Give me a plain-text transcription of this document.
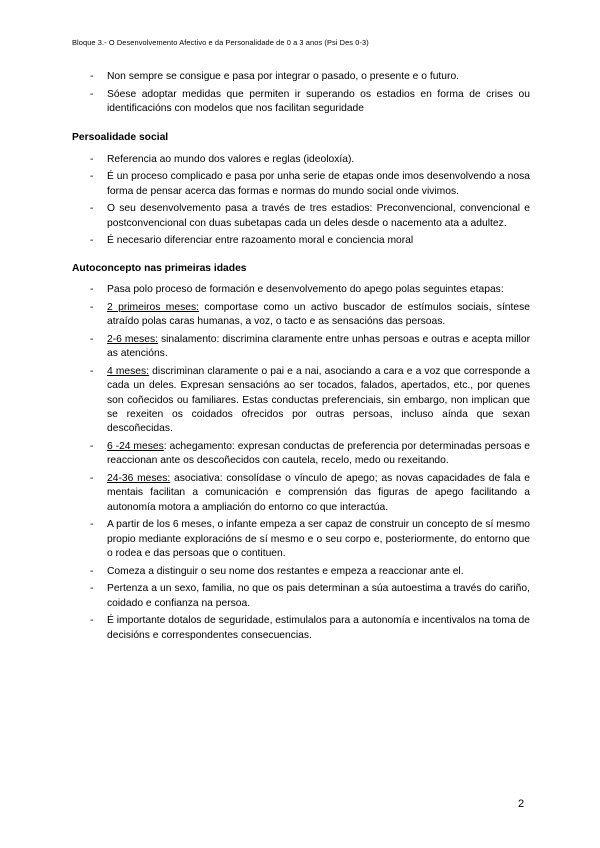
Bloque 3.- O Desenvolvemento Afectivo e da Personalidade de 0 a 3 anos (Psi Des 0-3)
- Non sempre se consigue e pasa por integrar o pasado, o presente e o futuro.
- Sóese adoptar medidas que permiten ir superando os estadios en forma de crises ou identificacións con modelos que nos facilitan seguridade
Persoalidade social
- Referencia ao mundo dos valores e reglas (ideoloxía).
- É un proceso complicado e pasa por unha serie de etapas onde imos desenvolvendo a nosa forma de pensar acerca das formas e normas do mundo social onde vivimos.
- O seu desenvolvemento pasa a través de tres estadios: Preconvencional, convencional e postconvencional con duas subetapas cada un deles desde o nacemento ata a adultez.
- É necesario diferenciar entre razoamento moral e conciencia moral
Autoconcepto nas primeiras idades
- Pasa polo proceso de formación e desenvolvemento do apego polas seguintes etapas:
- 2 primeiros meses: comportase como un activo buscador de estímulos sociais, síntese atraído polas caras humanas, a voz, o tacto e as sensacións das persoas.
- 2-6 meses: sinalamento: discrimina claramente entre unhas persoas e outras e acepta millor as atencións.
- 4 meses: discriminan claramente o pai e a nai, asociando a cara e a voz que corresponde a cada un deles. Expresan sensacións ao ser tocados, falados, apertados, etc., por quenes son coñecidos ou familiares. Estas conductas preferenciais, sin embargo, non implican que se rexeiten os coidados ofrecidos por outras persoas, incluso aínda que sexan descoñecidas.
- 6 -24 meses: achegamento: expresan conductas de preferencia por determinadas persoas e reaccionan ante os descoñecidos con cautela, recelo, medo ou rexeitando.
- 24-36 meses: asociativa: consolídase o vínculo de apego; as novas capacidades de fala e mentais facilitan a comunicación e comprensión das figuras de apego facilitando a autonomía motora a ampliación do entorno co que interactúa.
- A partir de los 6 meses, o infante empeza a ser capaz de construir un concepto de sí mesmo propio mediante exploracións de sí mesmo e o seu corpo e, posteriormente, do entorno que o rodea e das persoas que o contituen.
- Comeza a distinguir o seu nome dos restantes e empeza a reaccionar ante el.
- Pertenza a un sexo, familia, no que os pais determinan a súa autoestima a través do cariño, coidado e confianza na persoa.
- É importante dotalos de seguridade, estimulalos para a autonomía e incentivalos na toma de decisións e correspondentes consecuencias.
2
